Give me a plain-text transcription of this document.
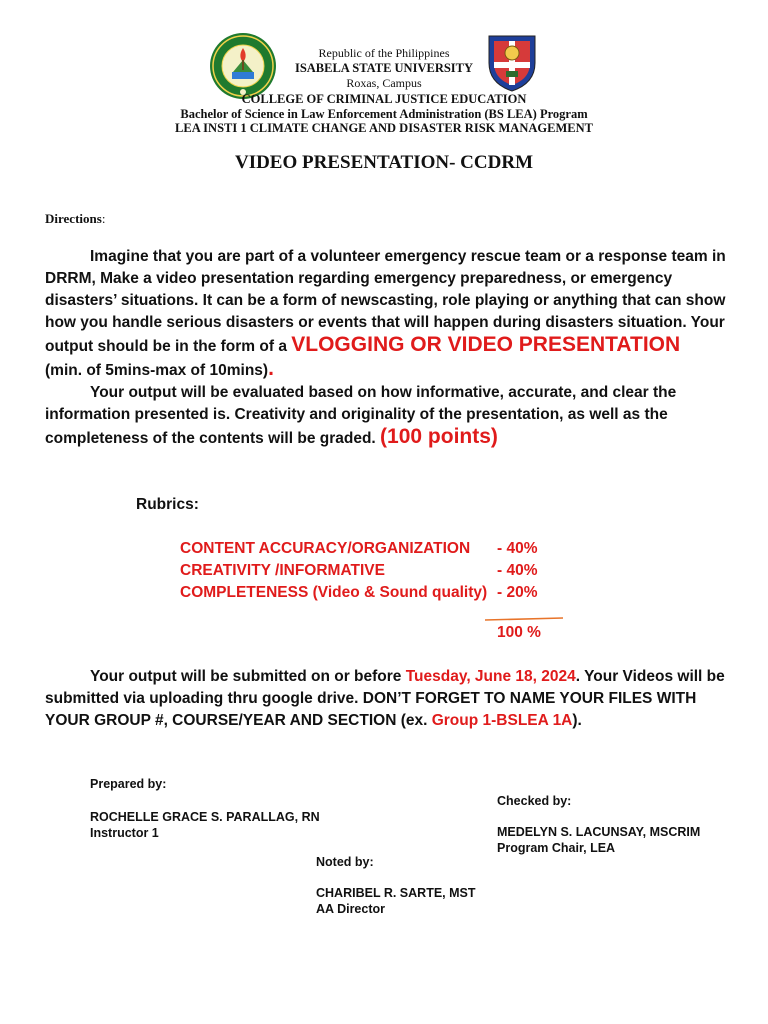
Republic of the Philippines
ISABELA STATE UNIVERSITY
Roxas, Campus
COLLEGE OF CRIMINAL JUSTICE EDUCATION
Bachelor of Science in Law Enforcement Administration (BS LEA) Program
LEA INSTI 1 CLIMATE CHANGE AND DISASTER RISK MANAGEMENT
VIDEO PRESENTATION- CCDRM
Directions:
Imagine that you are part of a volunteer emergency rescue team or a response team in DRRM, Make a video presentation regarding emergency preparedness, or emergency disasters’ situations. It can be a form of newscasting, role playing or anything that can show how you handle serious disasters or events that will happen during disasters situation. Your output should be in the form of a VLOGGING OR VIDEO PRESENTATION
(min. of 5mins-max of 10mins).
Your output will be evaluated based on how informative, accurate, and clear the information presented is. Creativity and originality of the presentation, as well as the completeness of the contents will be graded. (100 points)
Rubrics:
CONTENT ACCURACY/ORGANIZATION - 40%
CREATIVITY /INFORMATIVE	- 40%
COMPLETENESS (Video & Sound quality) - 20%
100 %
Your output will be submitted on or before Tuesday, June 18, 2024. Your Videos will be submitted via uploading thru google drive. DON’T FORGET TO NAME YOUR FILES WITH YOUR GROUP #, COURSE/YEAR AND SECTION (ex. Group 1-BSLEA 1A).
Prepared by:
ROCHELLE GRACE S. PARALLAG, RN
Instructor 1
Checked by:
MEDELYN S. LACUNSAY, MSCRIM
Program Chair, LEA
Noted by:
CHARIBEL R. SARTE, MST
AA Director
